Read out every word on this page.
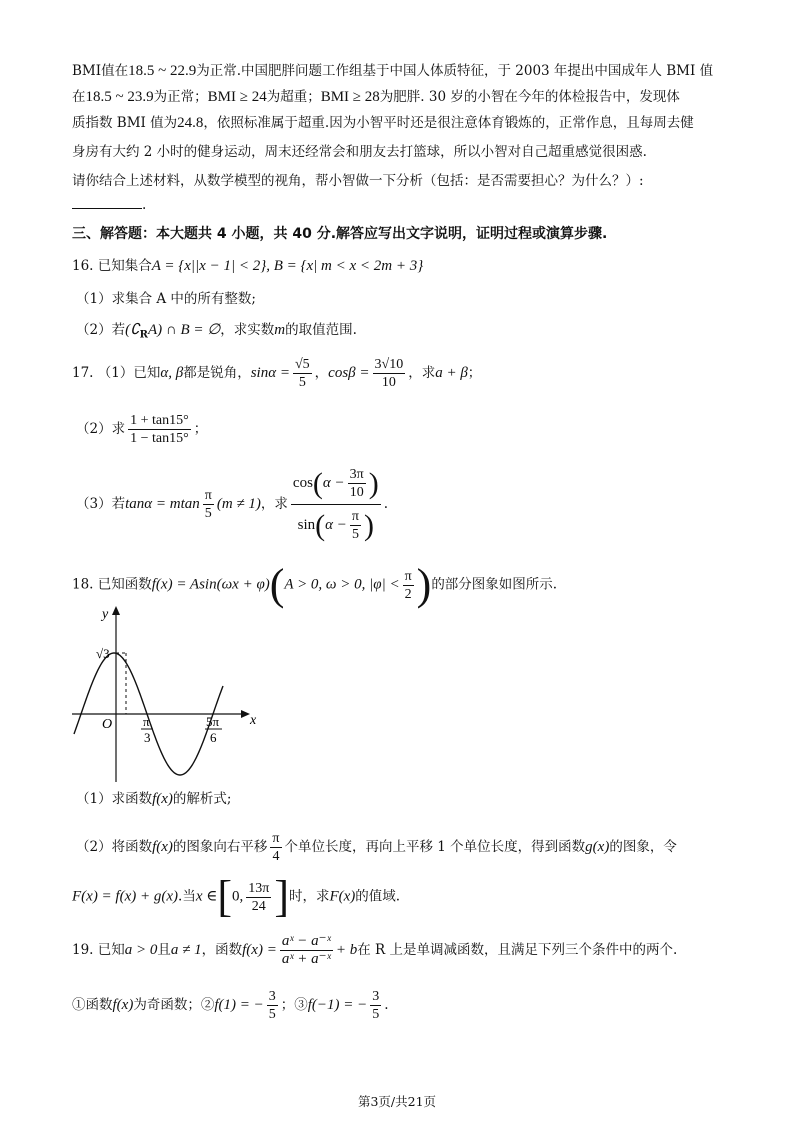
BMI值在18.5 ~ 22.9为正常.中国肥胖问题工作组基于中国人体质特征，于 2003 年提出中国成年人 BMI 值
在18.5 ~ 23.9为正常；BMI ≥ 24为超重；BMI ≥ 28为肥胖. 30 岁的小智在今年的体检报告中，发现体
质指数 BMI 值为24.8，依照标准属于超重.因为小智平时还是很注意体育锻炼的，正常作息，且每周去健
身房有大约 2 小时的健身运动，周末还经常会和朋友去打篮球，所以小智对自己超重感觉很困惑.
请你结合上述材料，从数学模型的视角，帮小智做一下分析（包括：是否需要担心？为什么？）:
.
三、解答题：本大题共 4 小题，共 40 分.解答应写出文字说明，证明过程或演算步骤.
16. 已知集合A = {x||x − 1| < 2}, B = {x| m < x < 2m + 3}
（1）求集合 A 中的所有整数;
（2）若$(∁_RA)$ ∩ B = ∅，求实数m的取值范围.
17. （1）已知α, β都是锐角，$\sin\alpha = \frac{√5}{5}$ ，$\cos\beta = \frac{3√10}{10}$ ，求a + β；
（2）求 $\frac{1 + \tan 15^\circ}{1 - \tan 15^\circ}$ ；
（3）若tanα = mtan $\frac{\pi}{5} (m \ne 1)$，求 $\frac{\cos(\alpha - \frac{3\pi}{10} )}{\sin(\alpha - \frac{\pi}{5} )}$ .
18. 已知函数f(x) = Asin(ωx + φ)(A > 0, ω > 0, $|\varphi| < \frac{\pi}{2}$ )的部分图象如图所示.
y
x
O
√3
π
3
5π
6
（1）求函数f(x)的解析式;
（2）将函数f(x)的图象向右平移 $\frac{\pi}{4}$ 个单位长度，再向上平移 1 个单位长度，得到函数g(x)的图象，令
F(x) = f(x) + g(x).当x ∈[0, $\frac{13\pi}{24}$ ]时，求F(x)的值域.
19. 已知a > 0且a ≠ 1，函数$f(x) = \frac{\text{aˣ − a⁻ˣ}}{\text{aˣ + a⁻ˣ}} + b$在 R 上是单调减函数，且满足下列三个条件中的两个.
①函数f(x)为奇函数；②f(1) = − $\frac{3}{5}$ ；③f(−1) = − $\frac{3}{5}$ .
第3页/共21页
